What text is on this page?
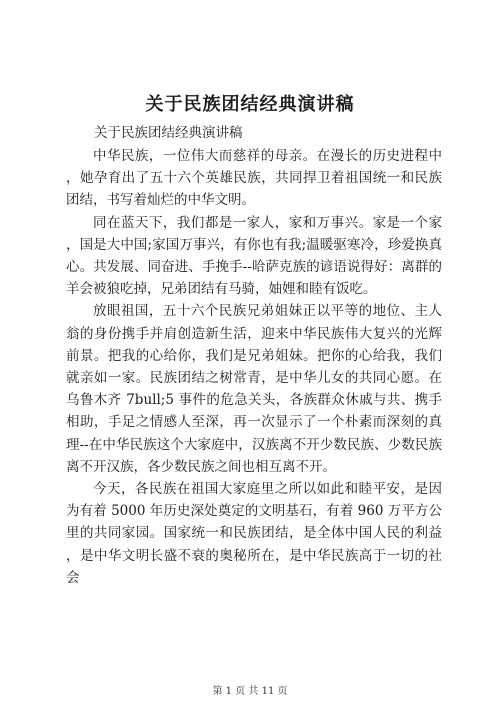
关于民族团结经典演讲稿
关于民族团结经典演讲稿

中华民族，一位伟大而慈祥的母亲。在漫长的历史进程中，她孕育出了五十六个英雄民族，共同捍卫着祖国统一和民族团结，书写着灿烂的中华文明。

同在蓝天下，我们都是一家人，家和万事兴。家是一个家，国是大中国;家国万事兴，有你也有我;温暖驱寒冷，珍爱换真心。共发展、同奋进、手挽手--哈萨克族的谚语说得好：离群的羊会被狼吃掉，兄弟团结有马骑，妯娌和睦有饭吃。

放眼祖国，五十六个民族兄弟姐妹正以平等的地位、主人翁的身份携手并肩创造新生活，迎来中华民族伟大复兴的光辉前景。把我的心给你，我们是兄弟姐妹。把你的心给我，我们就亲如一家。民族团结之树常青，是中华儿女的共同心愿。在乌鲁木齐 7bull;5 事件的危急关头，各族群众休戚与共、携手相助，手足之情感人至深，再一次显示了一个朴素而深刻的真理--在中华民族这个大家庭中，汉族离不开少数民族、少数民族离不开汉族，各少数民族之间也相互离不开。

今天，各民族在祖国大家庭里之所以如此和睦平安，是因为有着 5000 年历史深处奠定的文明基石，有着 960 万平方公里的共同家园。国家统一和民族团结，是全体中国人民的利益，是中华文明长盛不衰的奥秘所在，是中华民族高于一切的社会

第 1 页 共 11 页
